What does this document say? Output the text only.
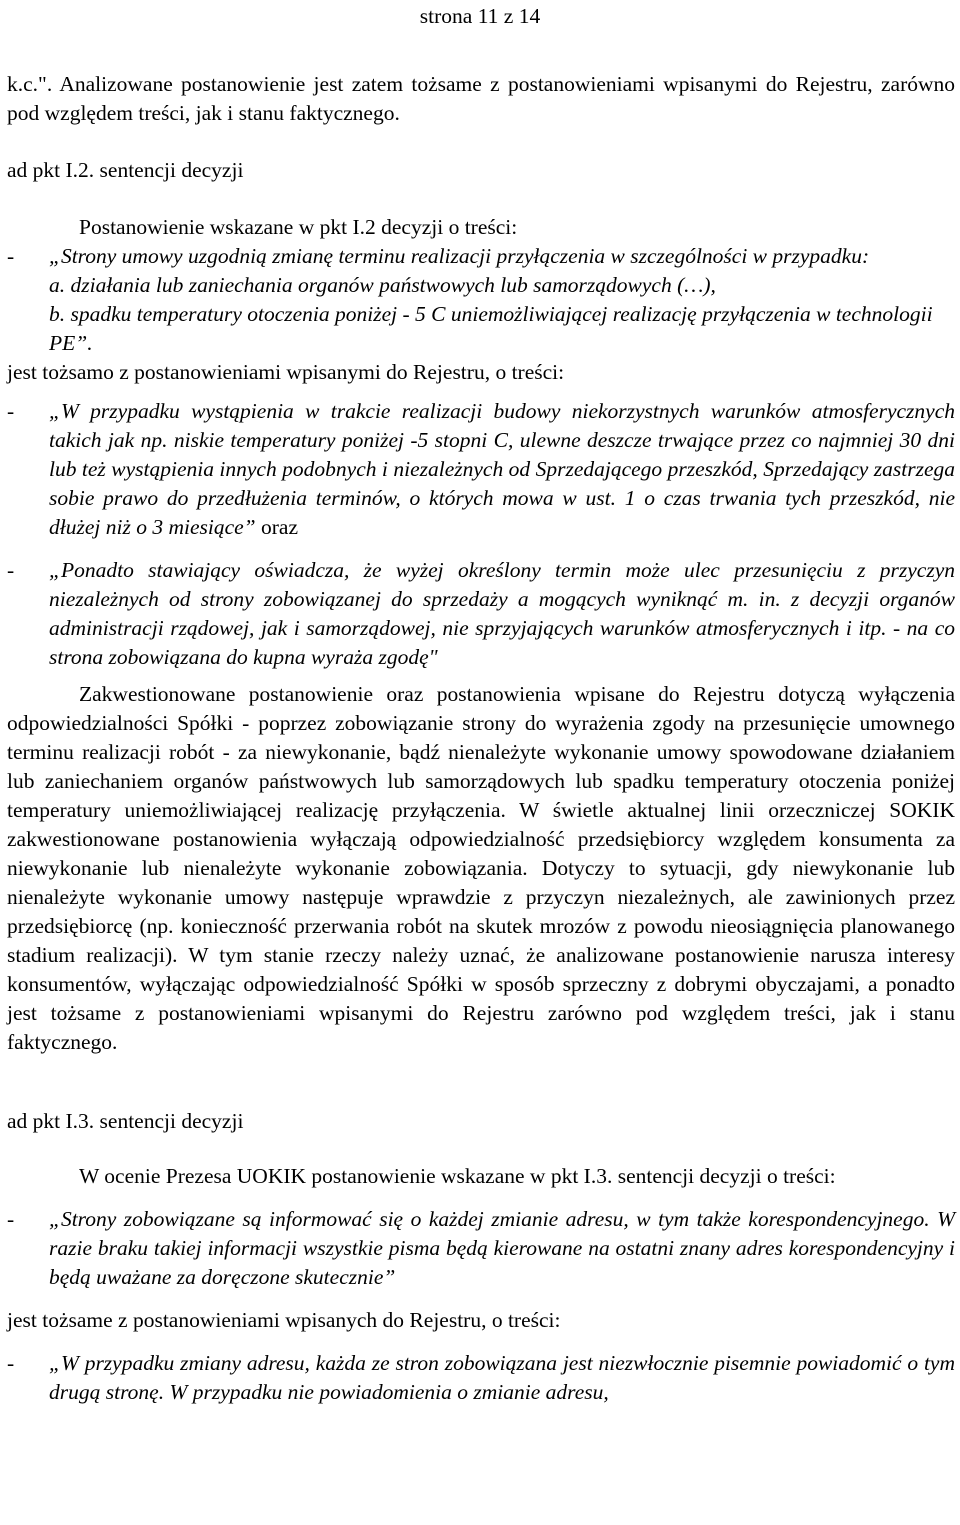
strona 11 z 14

k.c.". Analizowane postanowienie jest zatem tożsame z postanowieniami wpisanymi do Rejestru, zarówno pod względem treści, jak i stanu faktycznego.

ad pkt I.2. sentencji decyzji

Postanowienie wskazane w pkt I.2 decyzji o treści:

-	„Strony umowy uzgodnią zmianę terminu realizacji przyłączenia w szczególności w przypadku:

a. działania lub zaniechania organów państwowych lub samorządowych (…),

b. spadku temperatury otoczenia poniżej - 5 C uniemożliwiającej realizację przyłączenia w technologii PE”.

jest tożsamo z postanowieniami wpisanymi do Rejestru, o treści:

-	„W przypadku wystąpienia w trakcie realizacji budowy niekorzystnych warunków atmosferycznych takich jak np. niskie temperatury poniżej -5 stopni C, ulewne deszcze trwające przez co najmniej 30 dni lub też wystąpienia innych podobnych i niezależnych od Sprzedającego przeszkód, Sprzedający zastrzega sobie prawo do przedłużenia terminów, o których mowa w ust. 1 o czas trwania tych przeszkód, nie dłużej niż o 3 miesiące” oraz
-	„Ponadto stawiający oświadcza, że wyżej określony termin może ulec przesunięciu z przyczyn niezależnych od strony zobowiązanej do sprzedaży a mogących wyniknąć m. in. z decyzji organów administracji rządowej, jak i samorządowej, nie sprzyjających warunków atmosferycznych i itp. - na co strona zobowiązana do kupna wyraża zgodę"

Zakwestionowane postanowienie oraz postanowienia wpisane do Rejestru dotyczą wyłączenia odpowiedzialności Spółki - poprzez zobowiązanie strony do wyrażenia zgody na przesunięcie umownego terminu realizacji robót - za niewykonanie, bądź nienależyte wykonanie umowy spowodowane działaniem lub zaniechaniem organów państwowych lub samorządowych lub spadku temperatury otoczenia poniżej temperatury uniemożliwiającej realizację przyłączenia. W świetle aktualnej linii orzeczniczej SOKIK zakwestionowane postanowienia wyłączają odpowiedzialność przedsiębiorcy względem konsumenta za niewykonanie lub nienależyte wykonanie zobowiązania. Dotyczy to sytuacji, gdy niewykonanie lub nienależyte wykonanie umowy następuje wprawdzie z przyczyn niezależnych, ale zawinionych przez przedsiębiorcę (np. konieczność przerwania robót na skutek mrozów z powodu nieosiągnięcia planowanego stadium realizacji). W tym stanie rzeczy należy uznać, że analizowane postanowienie narusza interesy konsumentów, wyłączając odpowiedzialność Spółki w sposób sprzeczny z dobrymi obyczajami, a ponadto jest tożsame z postanowieniami wpisanymi do Rejestru zarówno pod względem treści, jak i stanu faktycznego.

ad pkt I.3. sentencji decyzji

W ocenie Prezesa UOKIK postanowienie wskazane w pkt I.3. sentencji decyzji o treści:

-	„Strony zobowiązane są informować się o każdej zmianie adresu, w tym także korespondencyjnego. W razie braku takiej informacji wszystkie pisma będą kierowane na ostatni znany adres korespondencyjny i będą uważane za doręczone skutecznie”

jest tożsame z postanowieniami wpisanych do Rejestru, o treści:

-	„W przypadku zmiany adresu, każda ze stron zobowiązana jest niezwłocznie pisemnie powiadomić o tym drugą stronę. W przypadku nie powiadomienia o zmianie adresu,
